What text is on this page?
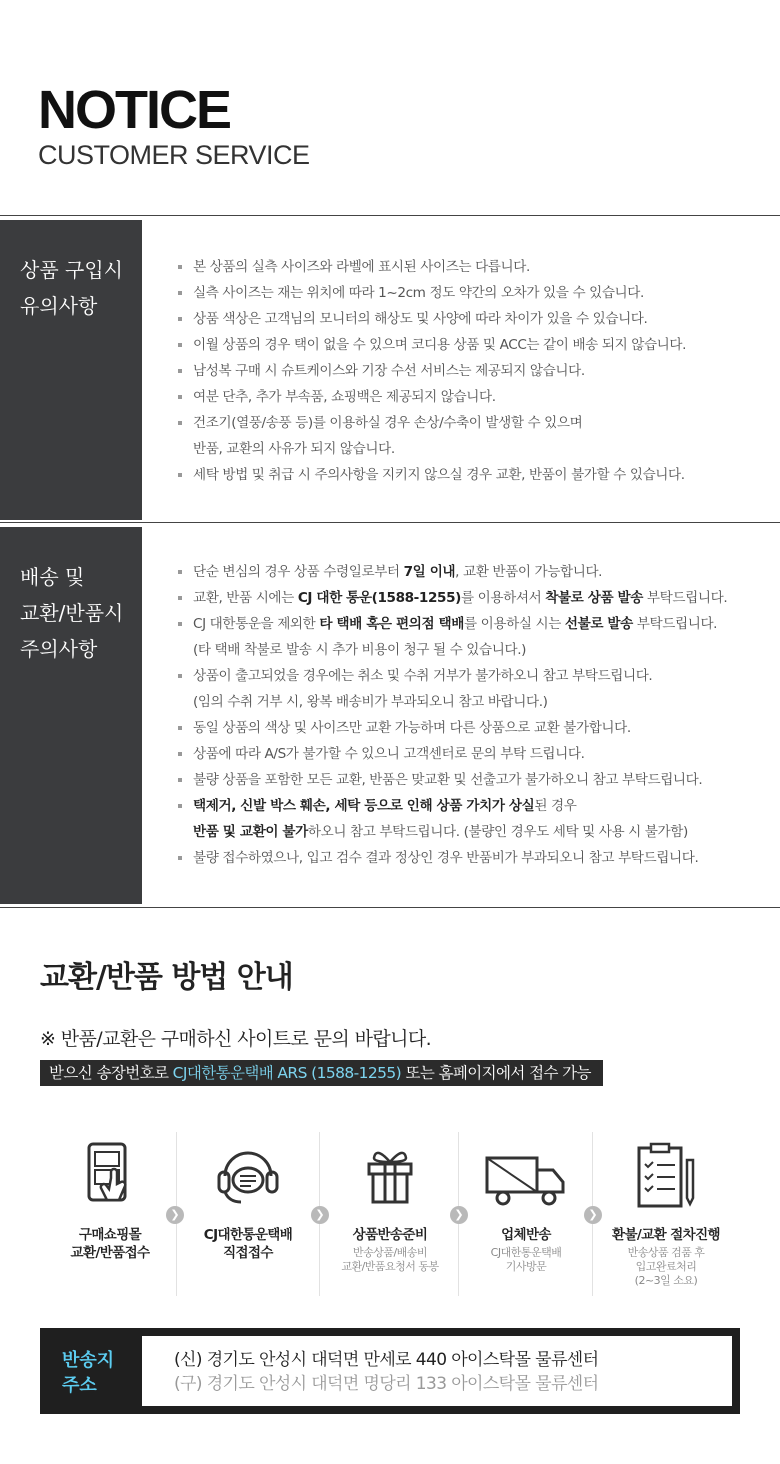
NOTICE
CUSTOMER SERVICE
상품 구입시
유의사항
본 상품의 실측 사이즈와 라벨에 표시된 사이즈는 다릅니다.
실측 사이즈는 재는 위치에 따라 1~2cm 정도 약간의 오차가 있을 수 있습니다.
상품 색상은 고객님의 모니터의 해상도 및 사양에 따라 차이가 있을 수 있습니다.
이월 상품의 경우 택이 없을 수 있으며 코디용 상품 및 ACC는 같이 배송 되지 않습니다.
남성복 구매 시 슈트케이스와 기장 수선 서비스는 제공되지 않습니다.
여분 단추, 추가 부속품, 쇼핑백은 제공되지 않습니다.
건조기(열풍/송풍 등)를 이용하실 경우 손상/수축이 발생할 수 있으며
반품, 교환의 사유가 되지 않습니다.
세탁 방법 및 취급 시 주의사항을 지키지 않으실 경우 교환, 반품이 불가할 수 있습니다.
배송 및
교환/반품시
주의사항
단순 변심의 경우 상품 수령일로부터 7일 이내, 교환 반품이 가능합니다.
교환, 반품 시에는 CJ 대한 통운(1588-1255)를 이용하셔서 착불로 상품 발송 부탁드립니다.
CJ 대한통운을 제외한 타 택배 혹은 편의점 택배를 이용하실 시는 선불로 발송 부탁드립니다.
(타 택배 착불로 발송 시 추가 비용이 청구 될 수 있습니다.)
상품이 출고되었을 경우에는 취소 및 수취 거부가 불가하오니 참고 부탁드립니다.
(임의 수취 거부 시, 왕복 배송비가 부과되오니 참고 바랍니다.)
동일 상품의 색상 및 사이즈만 교환 가능하며 다른 상품으로 교환 불가합니다.
상품에 따라 A/S가 불가할 수 있으니 고객센터로 문의 부탁 드립니다.
불량 상품을 포함한 모든 교환, 반품은 맞교환 및 선출고가 불가하오니 참고 부탁드립니다.
택제거, 신발 박스 훼손, 세탁 등으로 인해 상품 가치가 상실된 경우
반품 및 교환이 불가하오니 참고 부탁드립니다. (불량인 경우도 세탁 및 사용 시 불가함)
불량 접수하였으나, 입고 검수 결과 정상인 경우 반품비가 부과되오니 참고 부탁드립니다.
교환/반품 방법 안내
※ 반품/교환은 구매하신 사이트로 문의 바랍니다.
받으신 송장번호로 CJ대한통운택배 ARS (1588-1255) 또는 홈페이지에서 접수 가능
구매쇼핑몰
교환/반품접수
❯
CJ대한통운택배
직접접수
❯
상품반송준비
반송상품/배송비
교환/반품요청서 동봉
❯
업체반송
CJ대한통운택배
기사방문
❯
환불/교환 절차진행
반송상품 검품 후
입고완료처리
(2~3일 소요)
반송지
주소
(신) 경기도 안성시 대덕면 만세로 440 아이스탁몰 물류센터
(구) 경기도 안성시 대덕면 명당리 133 아이스탁몰 물류센터
